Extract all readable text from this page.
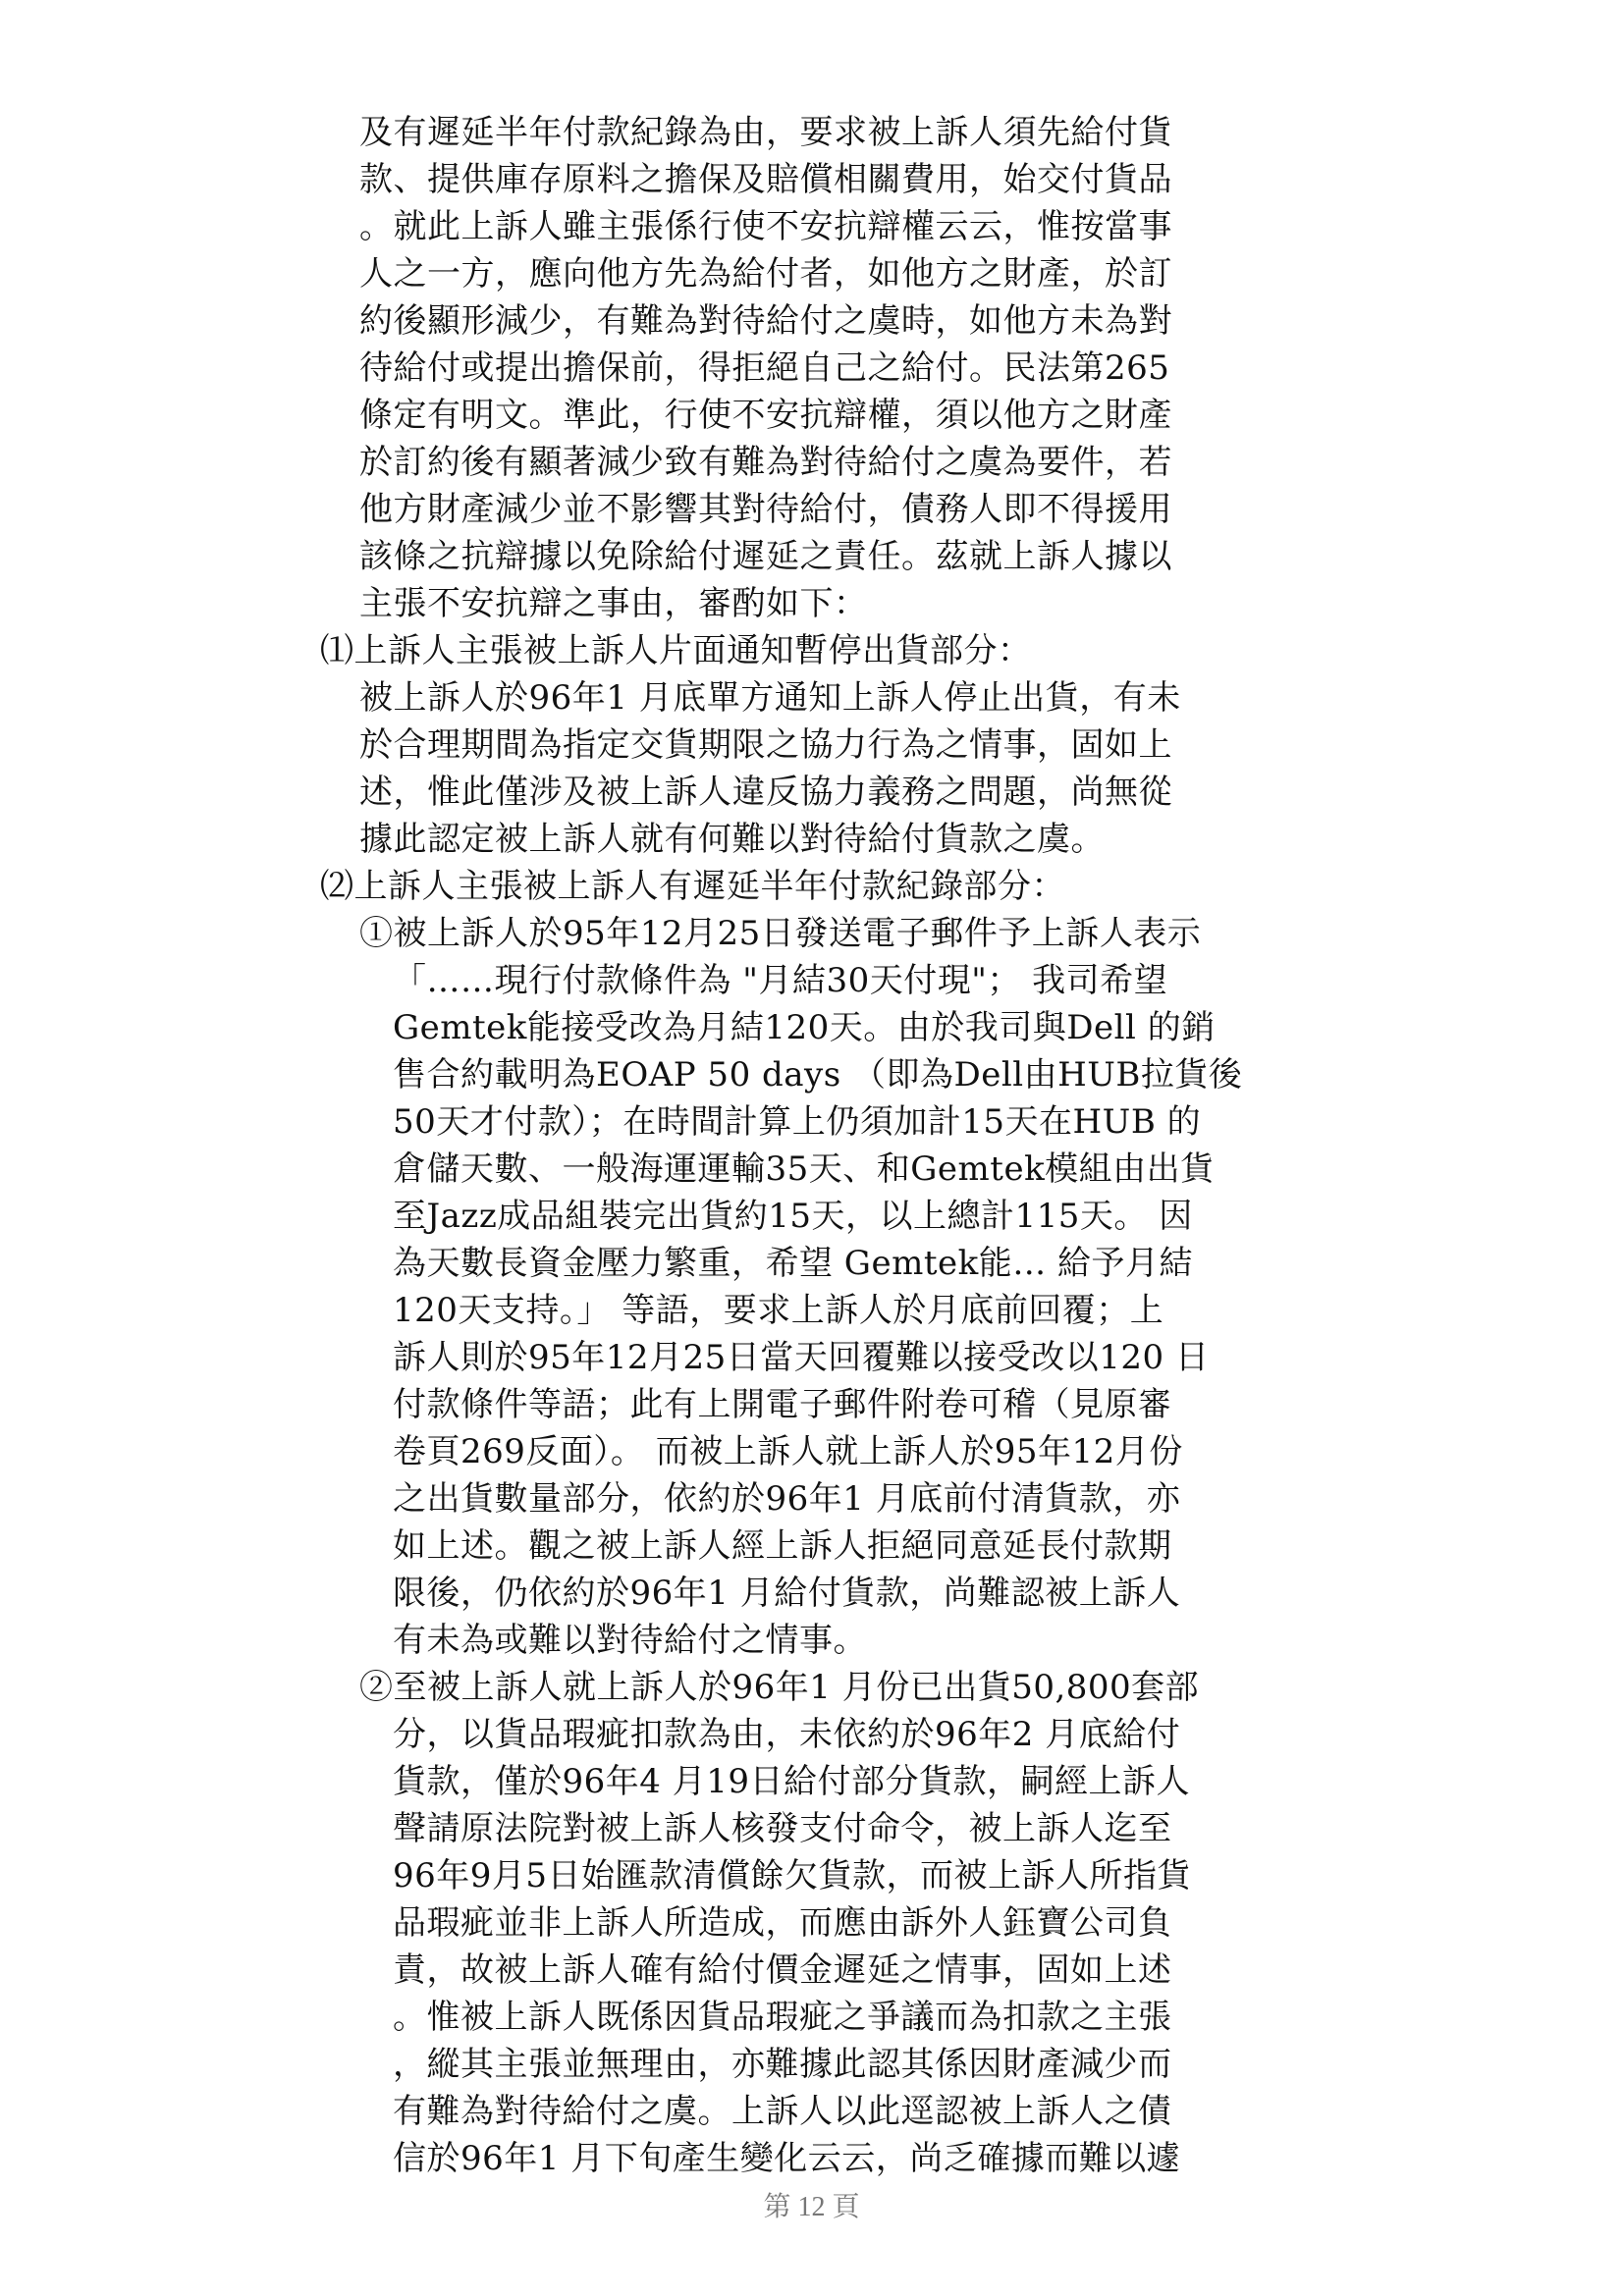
及有遲延半年付款紀錄為由，要求被上訴人須先給付貨
款、提供庫存原料之擔保及賠償相關費用，始交付貨品
。就此上訴人雖主張係行使不安抗辯權云云，惟按當事
人之一方，應向他方先為給付者，如他方之財產，於訂
約後顯形減少，有難為對待給付之虞時，如他方未為對
待給付或提出擔保前，得拒絕自己之給付。民法第265
條定有明文。準此，行使不安抗辯權，須以他方之財產
於訂約後有顯著減少致有難為對待給付之虞為要件，若
他方財產減少並不影響其對待給付，債務人即不得援用
該條之抗辯據以免除給付遲延之責任。茲就上訴人據以
主張不安抗辯之事由，審酌如下：
⑴上訴人主張被上訴人片面通知暫停出貨部分：
被上訴人於96年1 月底單方通知上訴人停止出貨，有未
於合理期間為指定交貨期限之協力行為之情事，固如上
述，惟此僅涉及被上訴人違反協力義務之問題，尚無從
據此認定被上訴人就有何難以對待給付貨款之虞。
⑵上訴人主張被上訴人有遲延半年付款紀錄部分：
①被上訴人於95年12月25日發送電子郵件予上訴人表示
「……現行付款條件為 "月結30天付現"； 我司希望
Gemtek能接受改為月結120天。由於我司與Dell 的銷
售合約載明為EOAP 50 days （即為Dell由HUB拉貨後
50天才付款）；在時間計算上仍須加計15天在HUB 的
倉儲天數、一般海運運輸35天、和Gemtek模組由出貨
至Jazz成品組裝完出貨約15天，以上總計115天。 因
為天數長資金壓力繁重，希望 Gemtek能… 給予月結
120天支持。」 等語，要求上訴人於月底前回覆；上
訴人則於95年12月25日當天回覆難以接受改以120 日
付款條件等語；此有上開電子郵件附卷可稽（見原審
卷頁269反面）。 而被上訴人就上訴人於95年12月份
之出貨數量部分，依約於96年1 月底前付清貨款，亦
如上述。觀之被上訴人經上訴人拒絕同意延長付款期
限後，仍依約於96年1 月給付貨款，尚難認被上訴人
有未為或難以對待給付之情事。
②至被上訴人就上訴人於96年1 月份已出貨50,800套部
分，以貨品瑕疵扣款為由，未依約於96年2 月底給付
貨款，僅於96年4 月19日給付部分貨款，嗣經上訴人
聲請原法院對被上訴人核發支付命令，被上訴人迄至
96年9月5日始匯款清償餘欠貨款，而被上訴人所指貨
品瑕疵並非上訴人所造成，而應由訴外人鈺寶公司負
責，故被上訴人確有給付價金遲延之情事，固如上述
。惟被上訴人既係因貨品瑕疵之爭議而為扣款之主張
，縱其主張並無理由，亦難據此認其係因財產減少而
有難為對待給付之虞。上訴人以此逕認被上訴人之債
信於96年1 月下旬產生變化云云，尚乏確據而難以遽
第 12 頁
